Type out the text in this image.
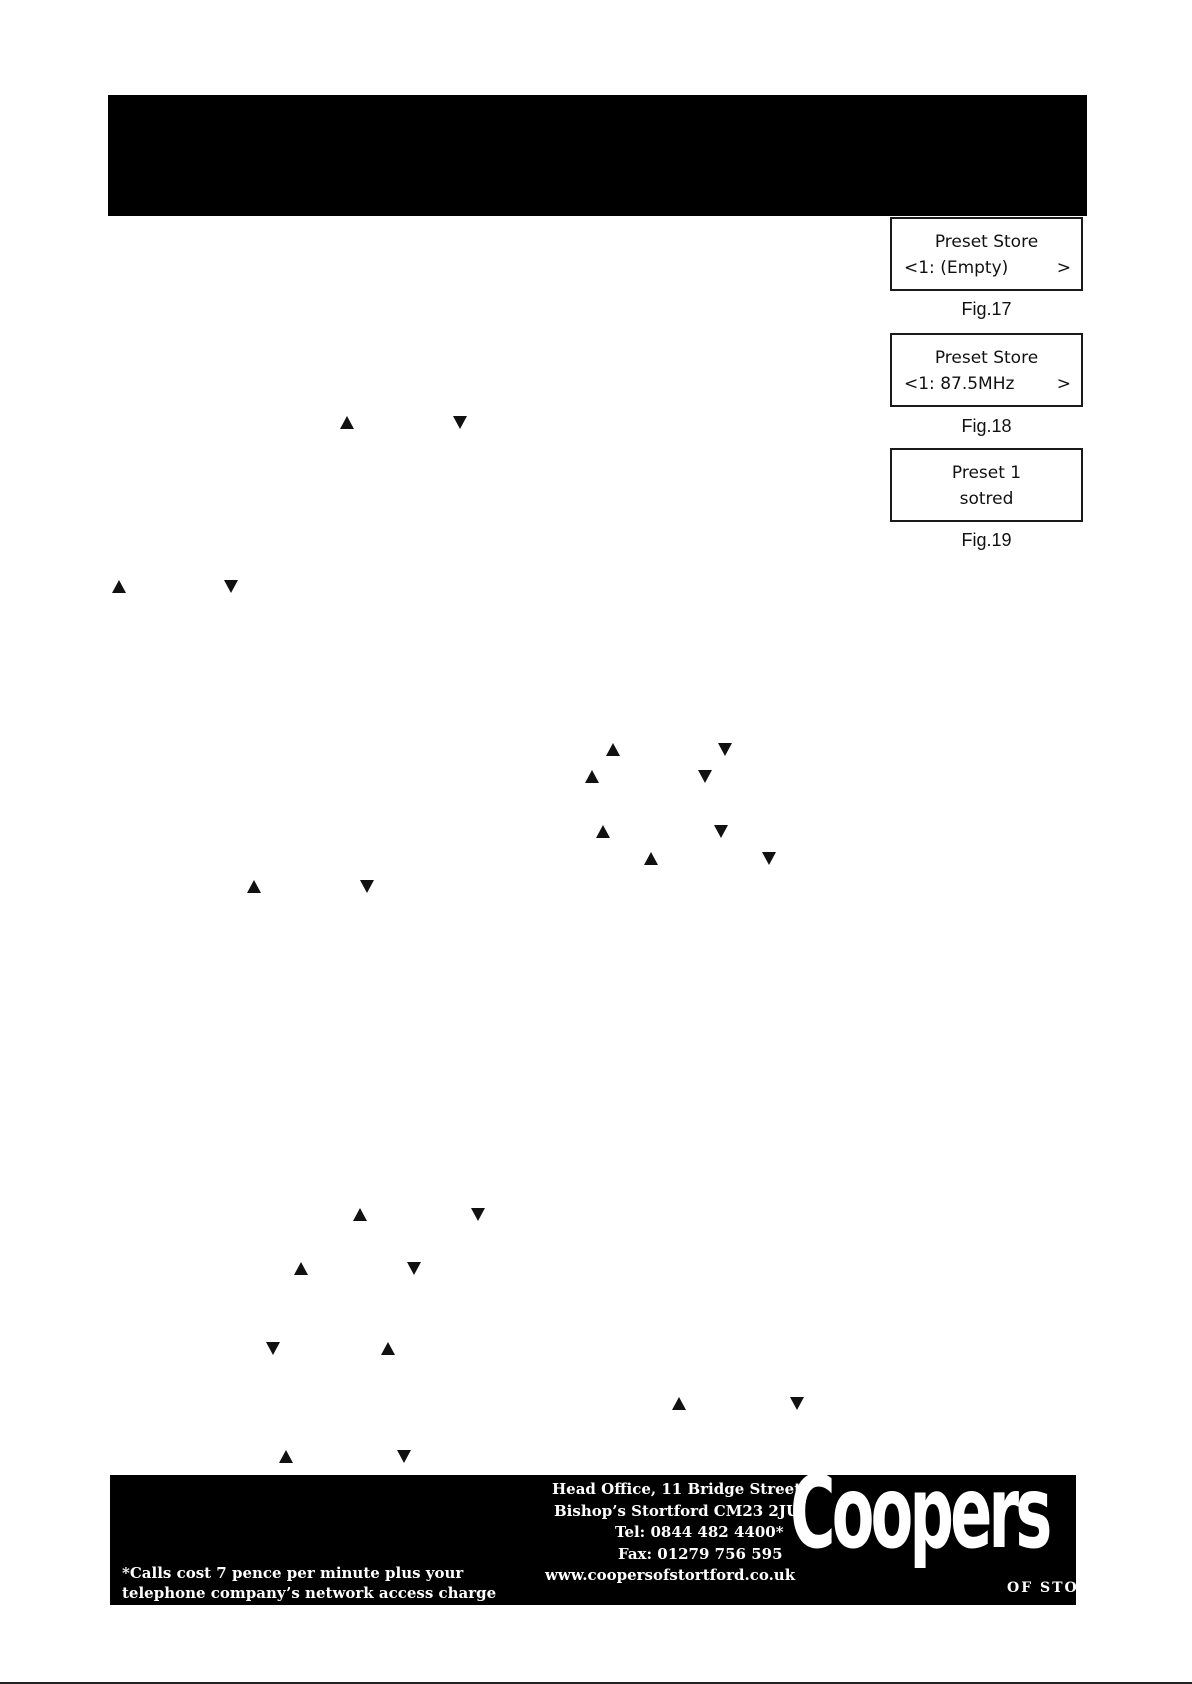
Preset Store
<1: (Empty)	>
Fig.17
Preset Store
<1: 87.5MHz >
Fig.18
Preset 1
sotred
Fig.19
*Calls cost 7 pence per minute plus your
telephone company’s network access charge
Head Office, 11 Bridge Street,
Bishop’s Stortford CM23 2JU
Tel: 0844 482 4400*
Fax: 01279 756 595
www.coopersofstortford.co.uk
Coopers
OF STORTFORD
